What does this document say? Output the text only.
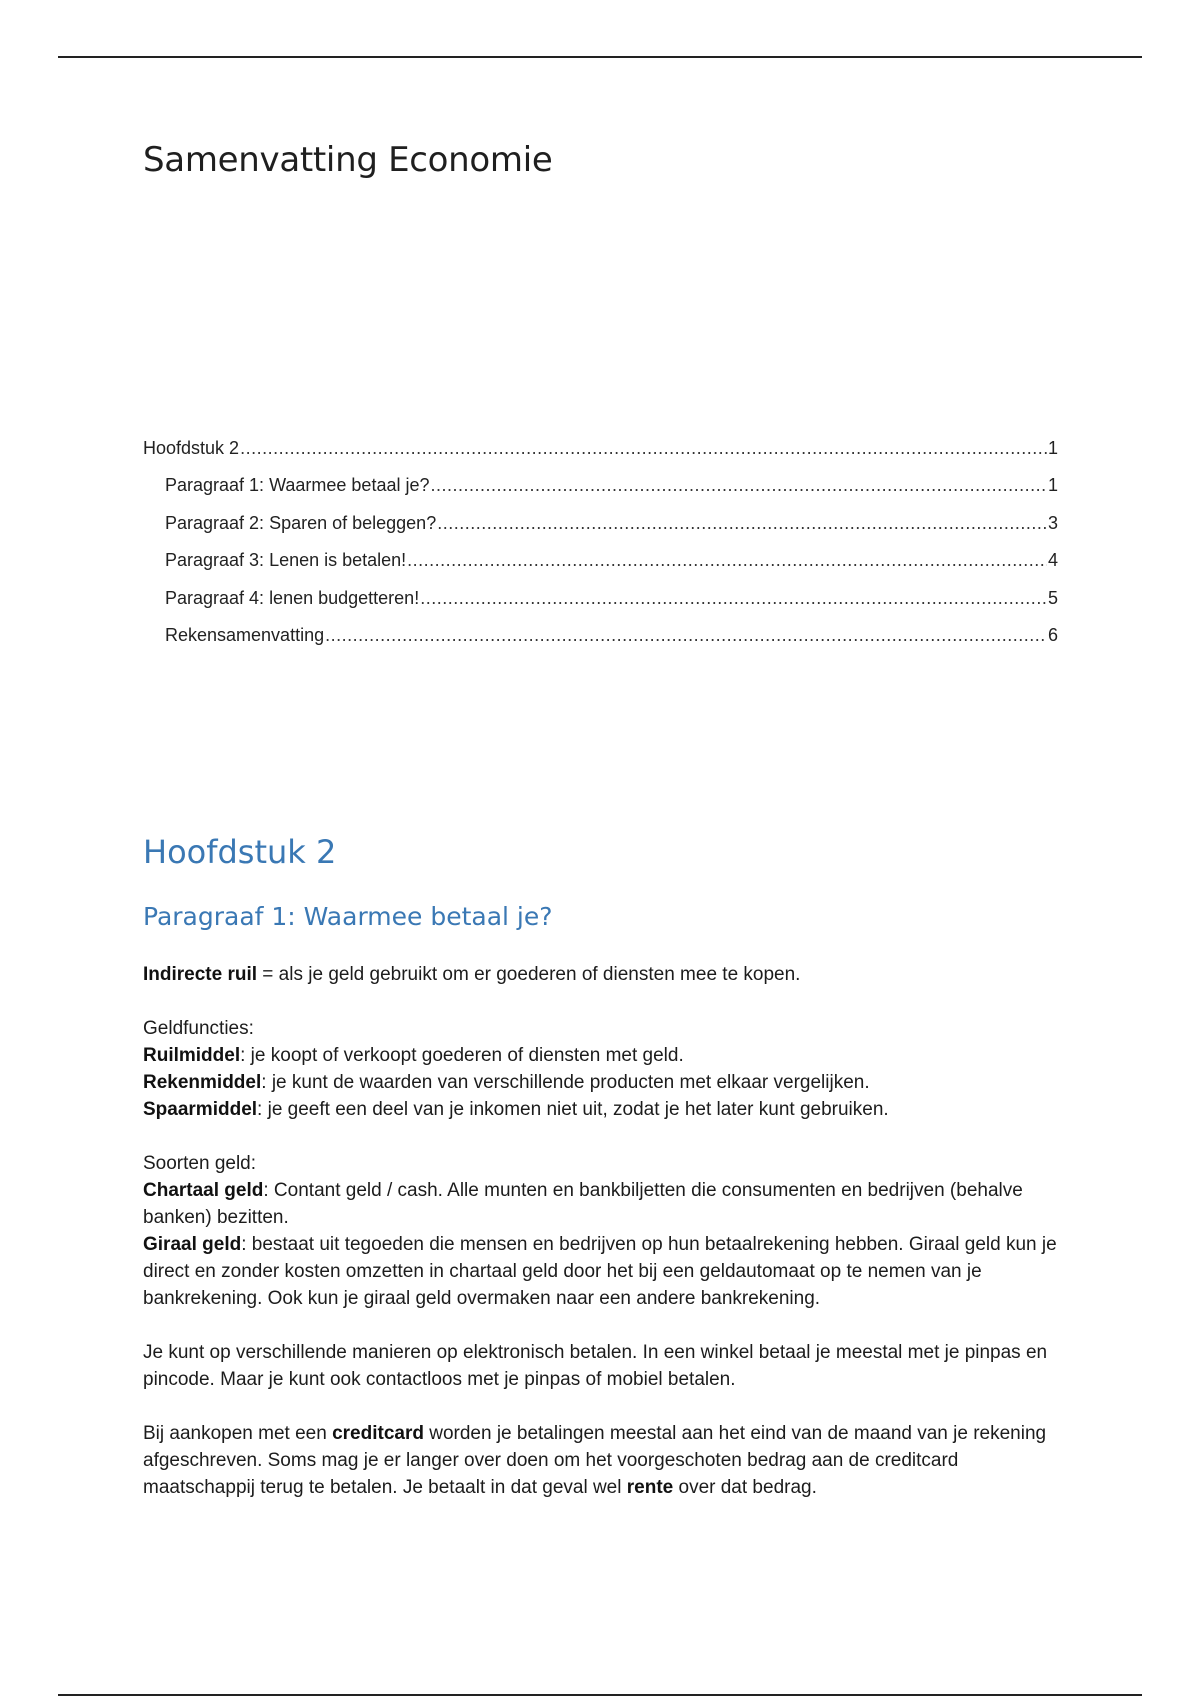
Samenvatting Economie
Hoofdstuk 2 .....	1
Paragraaf 1: Waarmee betaal je? .....	1
Paragraaf 2: Sparen of beleggen? .....	3
Paragraaf 3: Lenen is betalen! .....	4
Paragraaf 4: lenen budgetteren! .....	5
Rekensamenvatting .....	6
Hoofdstuk 2
Paragraaf 1: Waarmee betaal je?

Indirecte ruil = als je geld gebruikt om er goederen of diensten mee te kopen.

Geldfuncties:

Ruilmiddel: je koopt of verkoopt goederen of diensten met geld.

Rekenmiddel: je kunt de waarden van verschillende producten met elkaar vergelijken.

Spaarmiddel: je geeft een deel van je inkomen niet uit, zodat je het later kunt gebruiken.

Soorten geld:

Chartaal geld: Contant geld / cash. Alle munten en bankbiljetten die consumenten en bedrijven (behalve banken) bezitten.

Giraal geld: bestaat uit tegoeden die mensen en bedrijven op hun betaalrekening hebben. Giraal geld kun je direct en zonder kosten omzetten in chartaal geld door het bij een geldautomaat op te nemen van je bankrekening. Ook kun je giraal geld overmaken naar een andere bankrekening.

Je kunt op verschillende manieren op elektronisch betalen. In een winkel betaal je meestal met je pinpas en pincode. Maar je kunt ook contactloos met je pinpas of mobiel betalen.

Bij aankopen met een creditcard worden je betalingen meestal aan het eind van de maand van je rekening afgeschreven. Soms mag je er langer over doen om het voorgeschoten bedrag aan de creditcard maatschappij terug te betalen. Je betaalt in dat geval wel rente over dat bedrag.
